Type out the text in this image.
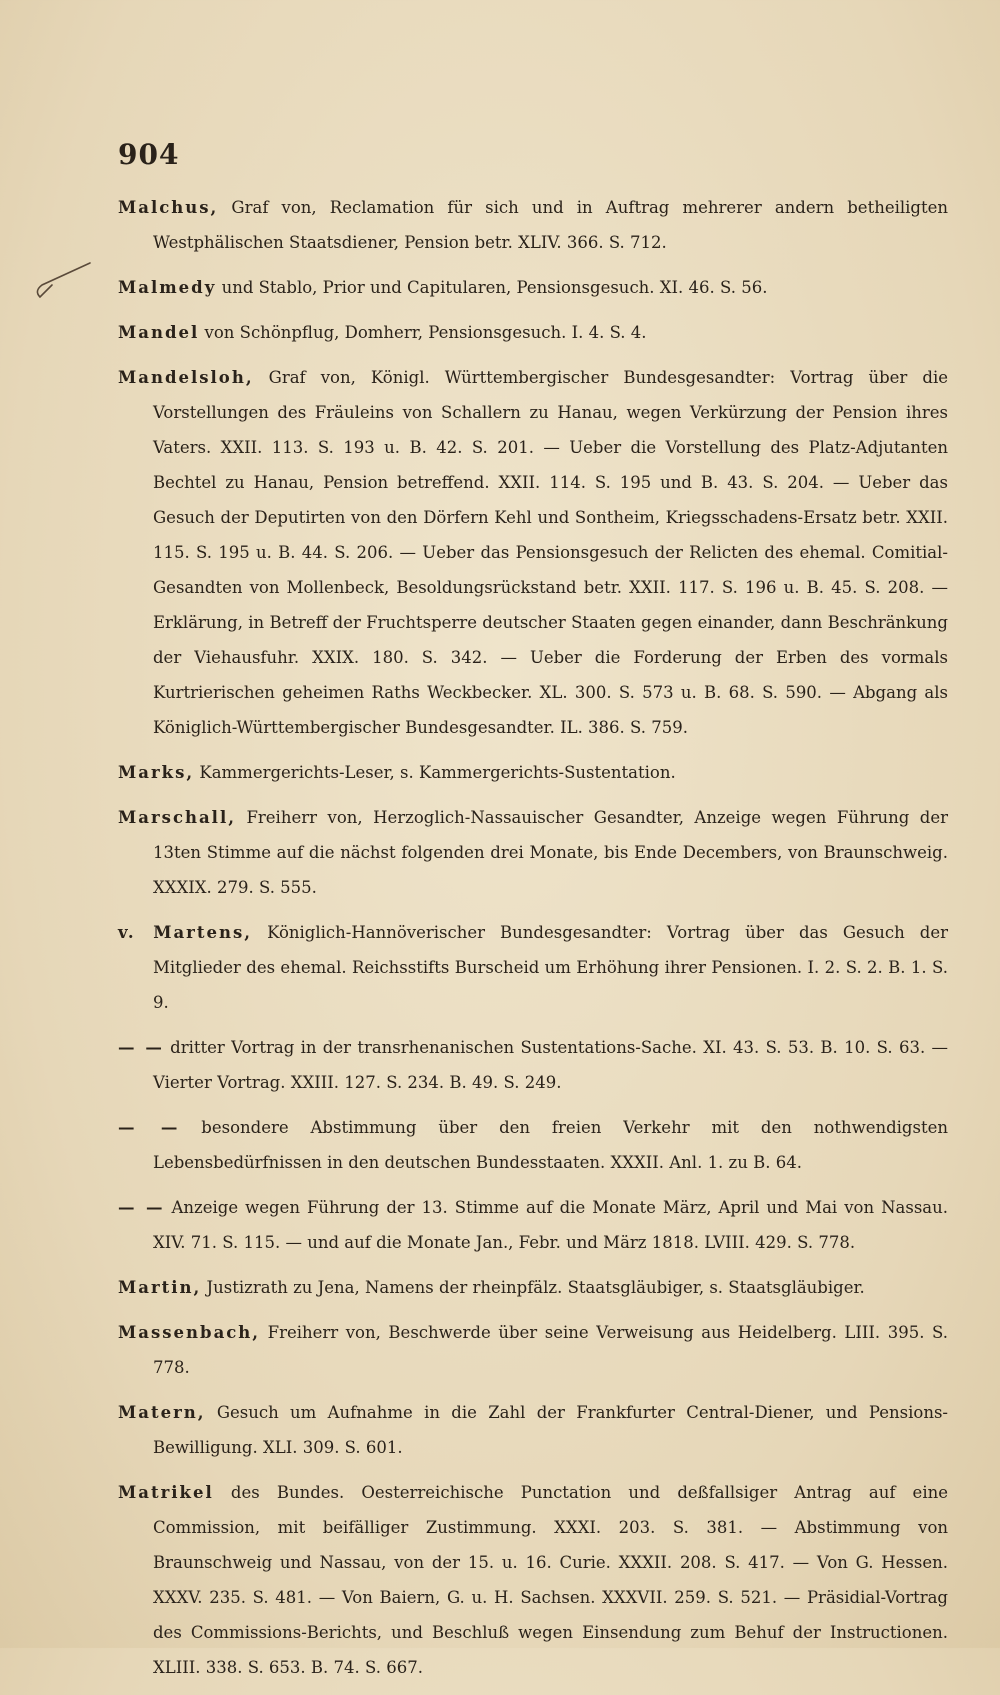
904

Malchus, Graf von, Reclamation für sich und in Auftrag mehrerer andern betheiligten Westphälischen Staatsdiener, Pension betr. XLIV. 366. S. 712.

Malmedy und Stablo, Prior und Capitularen, Pensionsgesuch. XI. 46. S. 56.

Mandel von Schönpflug, Domherr, Pensionsgesuch. I. 4. S. 4.

Mandelsloh, Graf von, Königl. Württembergischer Bundesgesandter: Vortrag über die Vorstellungen des Fräuleins von Schallern zu Hanau, wegen Verkürzung der Pension ihres Vaters. XXII. 113. S. 193 u. B. 42. S. 201. — Ueber die Vorstellung des Platz-Adjutanten Bechtel zu Hanau, Pension betreffend. XXII. 114. S. 195 und B. 43. S. 204. — Ueber das Gesuch der Deputirten von den Dörfern Kehl und Sontheim, Kriegsschadens-Ersatz betr. XXII. 115. S. 195 u. B. 44. S. 206. — Ueber das Pensionsgesuch der Relicten des ehemal. Comitial-Gesandten von Mollenbeck, Besoldungsrückstand betr. XXII. 117. S. 196 u. B. 45. S. 208. — Erklärung, in Betreff der Fruchtsperre deutscher Staaten gegen einander, dann Beschränkung der Viehausfuhr. XXIX. 180. S. 342. — Ueber die Forderung der Erben des vormals Kurtrierischen geheimen Raths Weckbecker. XL. 300. S. 573 u. B. 68. S. 590. — Abgang als Königlich-Württembergischer Bundesgesandter. IL. 386. S. 759.

Marks, Kammergerichts-Leser, s. Kammergerichts-Sustentation.

Marschall, Freiherr von, Herzoglich-Nassauischer Gesandter, Anzeige wegen Führung der 13ten Stimme auf die nächst folgenden drei Monate, bis Ende Decembers, von Braunschweig. XXXIX. 279. S. 555.

v. Martens, Königlich-Hannöverischer Bundesgesandter: Vortrag über das Gesuch der Mitglieder des ehemal. Reichsstifts Burscheid um Erhöhung ihrer Pensionen. I. 2. S. 2. B. 1. S. 9.

— — dritter Vortrag in der transrhenanischen Sustentations-Sache. XI. 43. S. 53. B. 10. S. 63. — Vierter Vortrag. XXIII. 127. S. 234. B. 49. S. 249.

— — besondere Abstimmung über den freien Verkehr mit den nothwendigsten Lebensbedürfnissen in den deutschen Bundesstaaten. XXXII. Anl. 1. zu B. 64.

— — Anzeige wegen Führung der 13. Stimme auf die Monate März, April und Mai von Nassau. XIV. 71. S. 115. — und auf die Monate Jan., Febr. und März 1818. LVIII. 429. S. 778.

Martin, Justizrath zu Jena, Namens der rheinpfälz. Staatsgläubiger, s. Staatsgläubiger.

Massenbach, Freiherr von, Beschwerde über seine Verweisung aus Heidelberg. LIII. 395. S. 778.

Matern, Gesuch um Aufnahme in die Zahl der Frankfurter Central-Diener, und Pensions-Bewilligung. XLI. 309. S. 601.

Matrikel des Bundes. Oesterreichische Punctation und deßfallsiger Antrag auf eine Commission, mit beifälliger Zustimmung. XXXI. 203. S. 381. — Abstimmung von Braunschweig und Nassau, von der 15. u. 16. Curie. XXXII. 208. S. 417. — Von G. Hessen. XXXV. 235. S. 481. — Von Baiern, G. u. H. Sachsen. XXXVII. 259. S. 521. — Präsidial-Vortrag des Commissions-Berichts, und Beschluß wegen Einsendung zum Behuf der Instructionen. XLIII. 338. S. 653. B. 74. S. 667.
